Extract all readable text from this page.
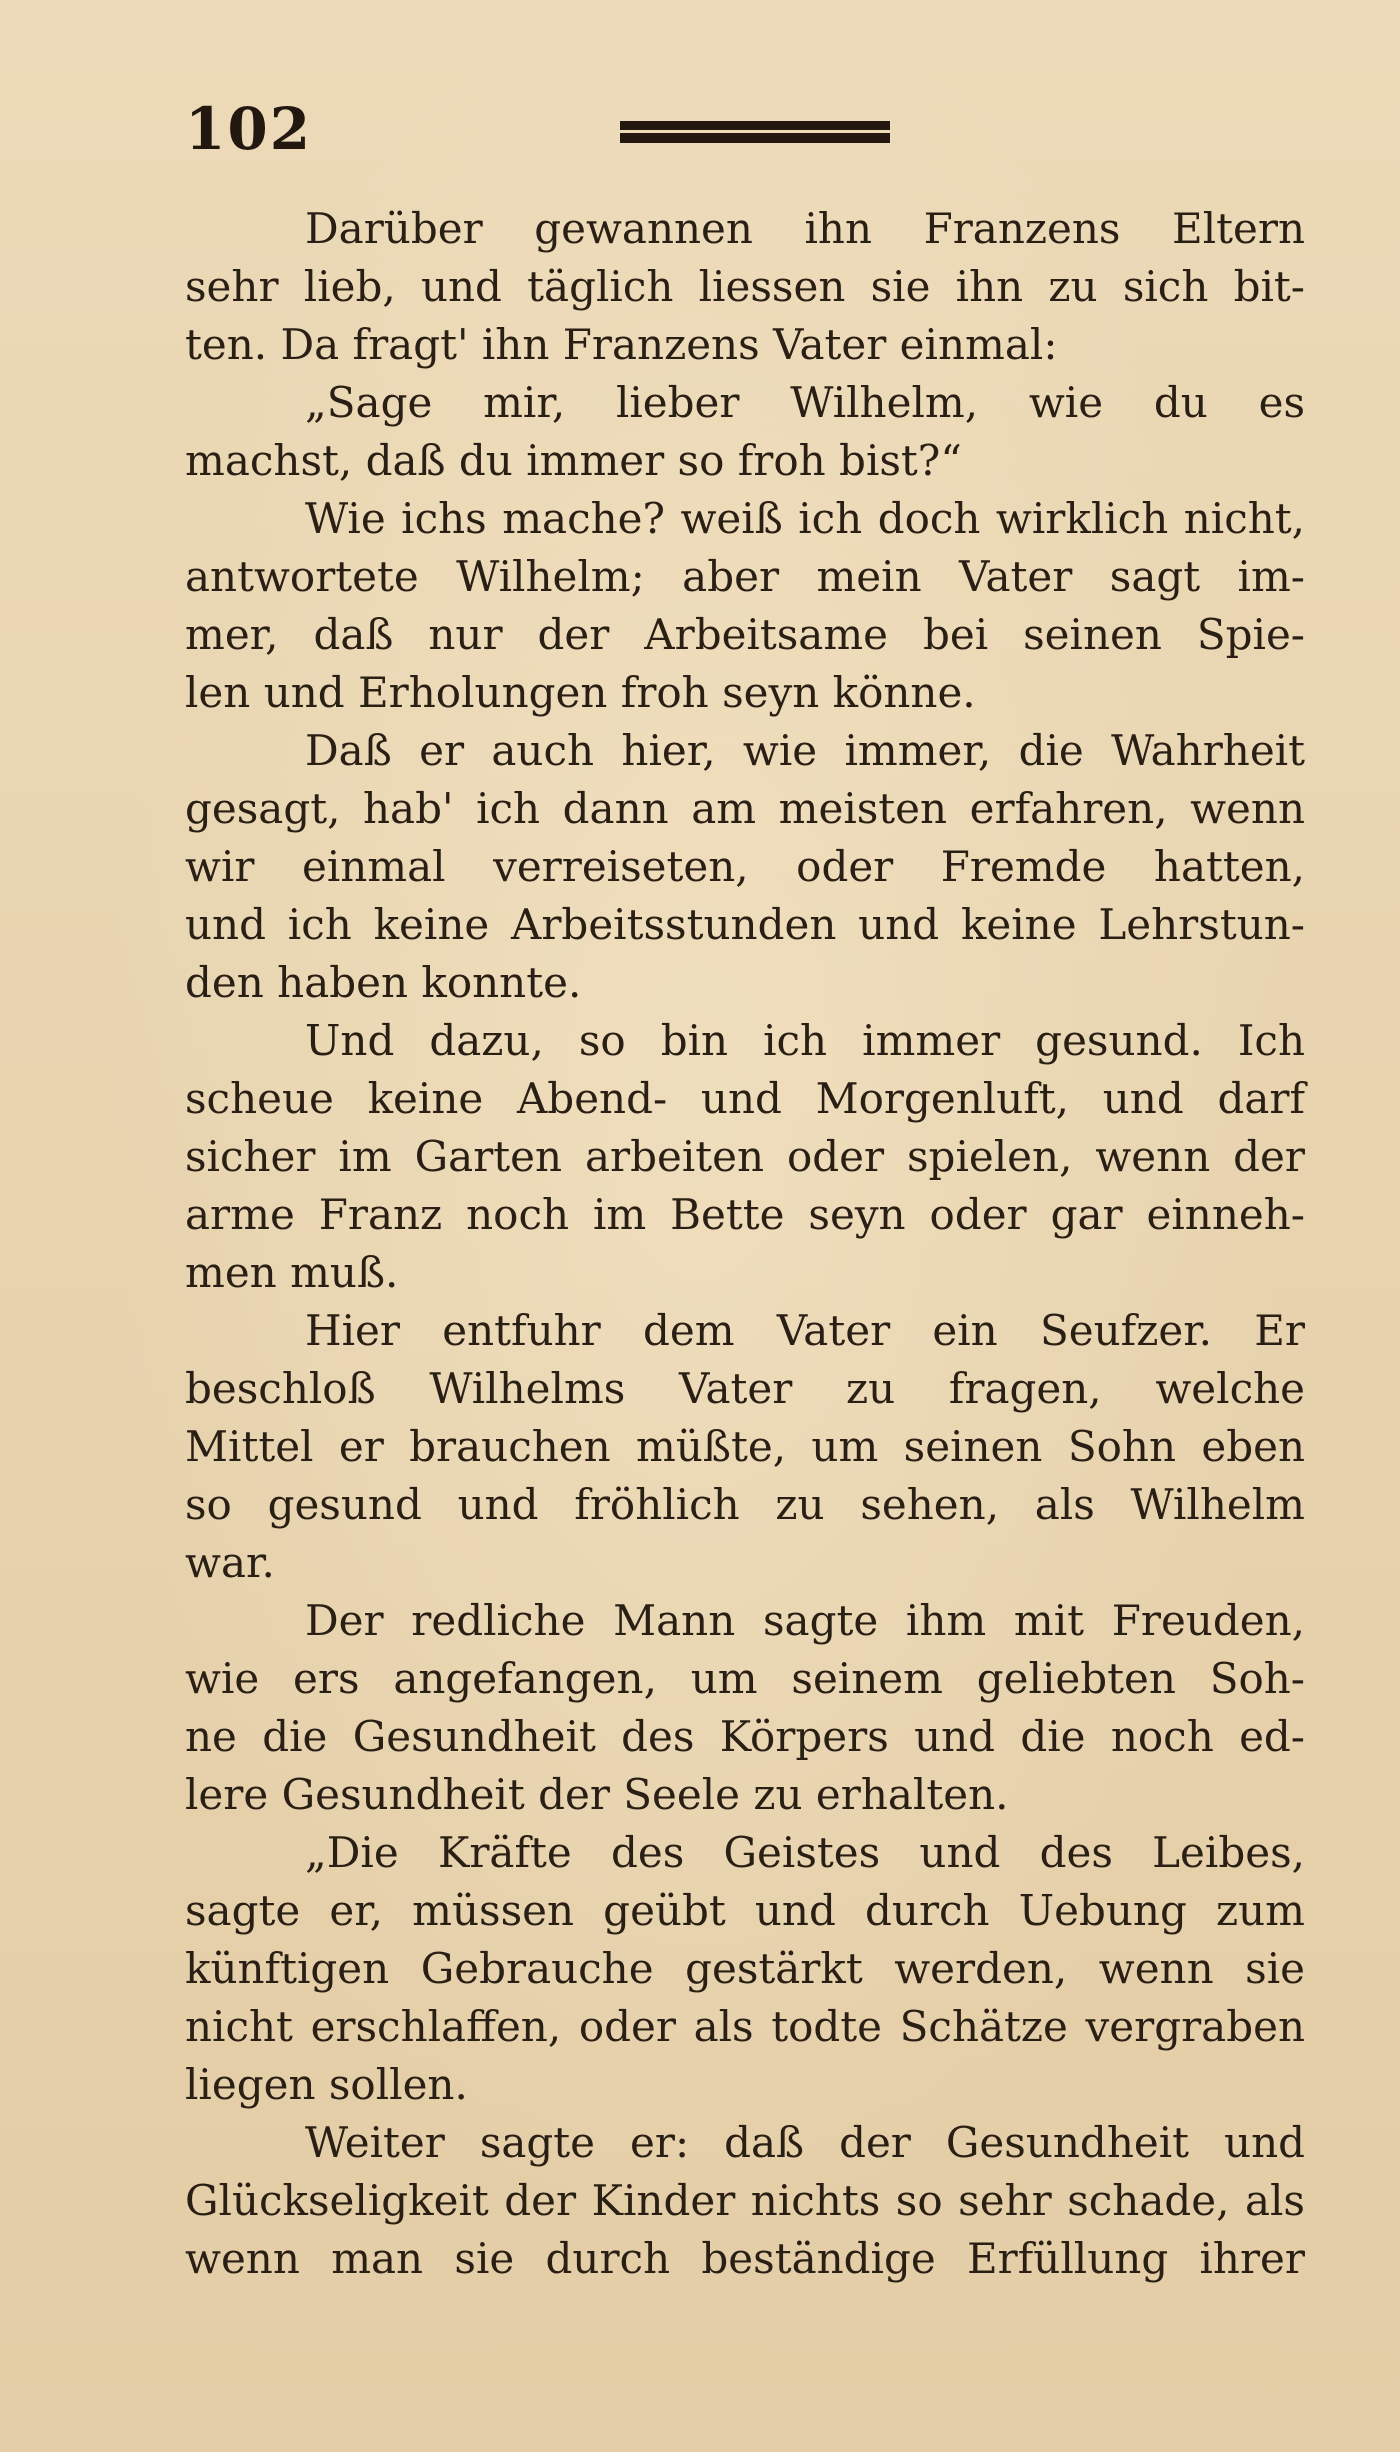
102
Darüber gewannen ihn Franzens Eltern
sehr lieb, und täglich liessen sie ihn zu sich bit-
ten. Da fragt' ihn Franzens Vater einmal:
„Sage mir, lieber Wilhelm, wie du es
machst, daß du immer so froh bist?“
Wie ichs mache? weiß ich doch wirklich nicht,
antwortete Wilhelm; aber mein Vater sagt im-
mer, daß nur der Arbeitsame bei seinen Spie-
len und Erholungen froh seyn könne.
Daß er auch hier, wie immer, die Wahrheit
gesagt, hab' ich dann am meisten erfahren, wenn
wir einmal verreiseten, oder Fremde hatten,
und ich keine Arbeitsstunden und keine Lehrstun-
den haben konnte.
Und dazu, so bin ich immer gesund. Ich
scheue keine Abend- und Morgenluft, und darf
sicher im Garten arbeiten oder spielen, wenn der
arme Franz noch im Bette seyn oder gar einneh-
men muß.
Hier entfuhr dem Vater ein Seufzer. Er
beschloß Wilhelms Vater zu fragen, welche
Mittel er brauchen müßte, um seinen Sohn eben
so gesund und fröhlich zu sehen, als Wilhelm
war.
Der redliche Mann sagte ihm mit Freuden,
wie ers angefangen, um seinem geliebten Soh-
ne die Gesundheit des Körpers und die noch ed-
lere Gesundheit der Seele zu erhalten.
„Die Kräfte des Geistes und des Leibes,
sagte er, müssen geübt und durch Uebung zum
künftigen Gebrauche gestärkt werden, wenn sie
nicht erschlaffen, oder als todte Schätze vergraben
liegen sollen.
Weiter sagte er: daß der Gesundheit und
Glückseligkeit der Kinder nichts so sehr schade, als
wenn man sie durch beständige Erfüllung ihrer
